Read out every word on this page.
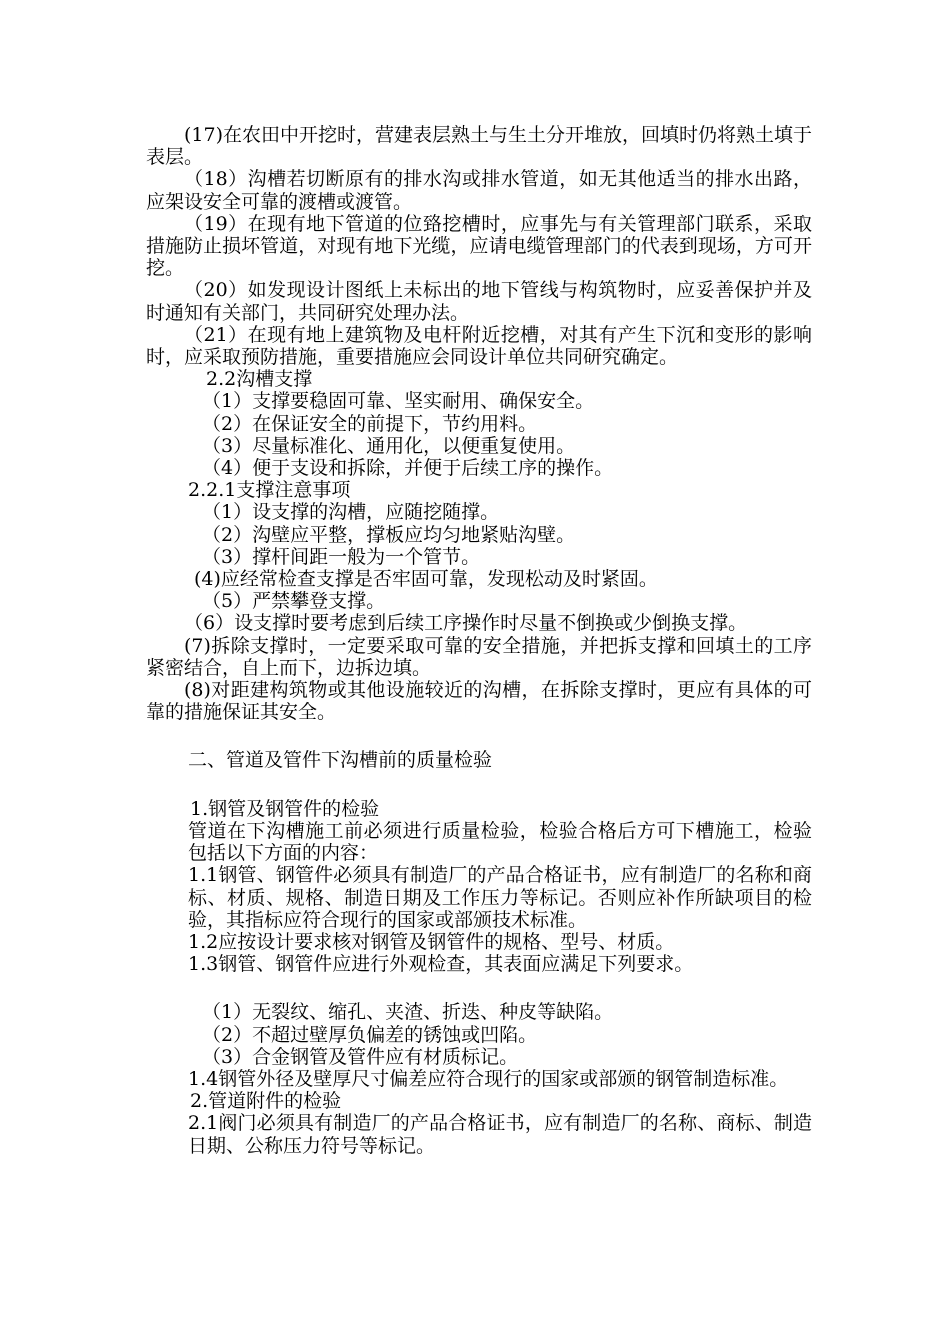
(17)在农田中开挖时，营建表层熟土与生土分开堆放，回填时仍将熟土填于表层。

（18）沟槽若切断原有的排水沟或排水管道，如无其他适当的排水出路，应架设安全可靠的渡槽或渡管。

（19）在现有地下管道的位臵挖槽时，应事先与有关管理部门联系，采取措施防止损坏管道，对现有地下光缆，应请电缆管理部门的代表到现场，方可开挖。

（20）如发现设计图纸上未标出的地下管线与构筑物时，应妥善保护并及时通知有关部门，共同研究处理办法。

（21）在现有地上建筑物及电杆附近挖槽，对其有产生下沉和变形的影响时，应采取预防措施，重要措施应会同设计单位共同研究确定。

2.2沟槽支撑

（1）支撑要稳固可靠、坚实耐用、确保安全。

（2）在保证安全的前提下，节约用料。

（3）尽量标准化、通用化，以便重复使用。

（4）便于支设和拆除，并便于后续工序的操作。

2.2.1支撑注意事项

（1）设支撑的沟槽，应随挖随撑。

（2）沟壁应平整，撑板应均匀地紧贴沟壁。

（3）撑杆间距一般为一个管节。

(4)应经常检查支撑是否牢固可靠，发现松动及时紧固。

（5）严禁攀登支撑。

（6）设支撑时要考虑到后续工序操作时尽量不倒换或少倒换支撑。

(7)拆除支撑时，一定要采取可靠的安全措施，并把拆支撑和回填土的工序紧密结合，自上而下，边拆边填。

(8)对距建构筑物或其他设施较近的沟槽，在拆除支撑时，更应有具体的可靠的措施保证其安全。

二、管道及管件下沟槽前的质量检验

1.钢管及钢管件的检验

管道在下沟槽施工前必须进行质量检验，检验合格后方可下槽施工，检验包括以下方面的内容：

1.1钢管、钢管件必须具有制造厂的产品合格证书，应有制造厂的名称和商标、材质、规格、制造日期及工作压力等标记。否则应补作所缺项目的检验，其指标应符合现行的国家或部颁技术标准。

1.2应按设计要求核对钢管及钢管件的规格、型号、材质。

1.3钢管、钢管件应进行外观检查，其表面应满足下列要求。

（1）无裂纹、缩孔、夹渣、折迭、种皮等缺陷。

（2）不超过壁厚负偏差的锈蚀或凹陷。

（3）合金钢管及管件应有材质标记。

1.4钢管外径及壁厚尺寸偏差应符合现行的国家或部颁的钢管制造标准。

2.管道附件的检验

2.1阀门必须具有制造厂的产品合格证书，应有制造厂的名称、商标、制造日期、公称压力符号等标记。
